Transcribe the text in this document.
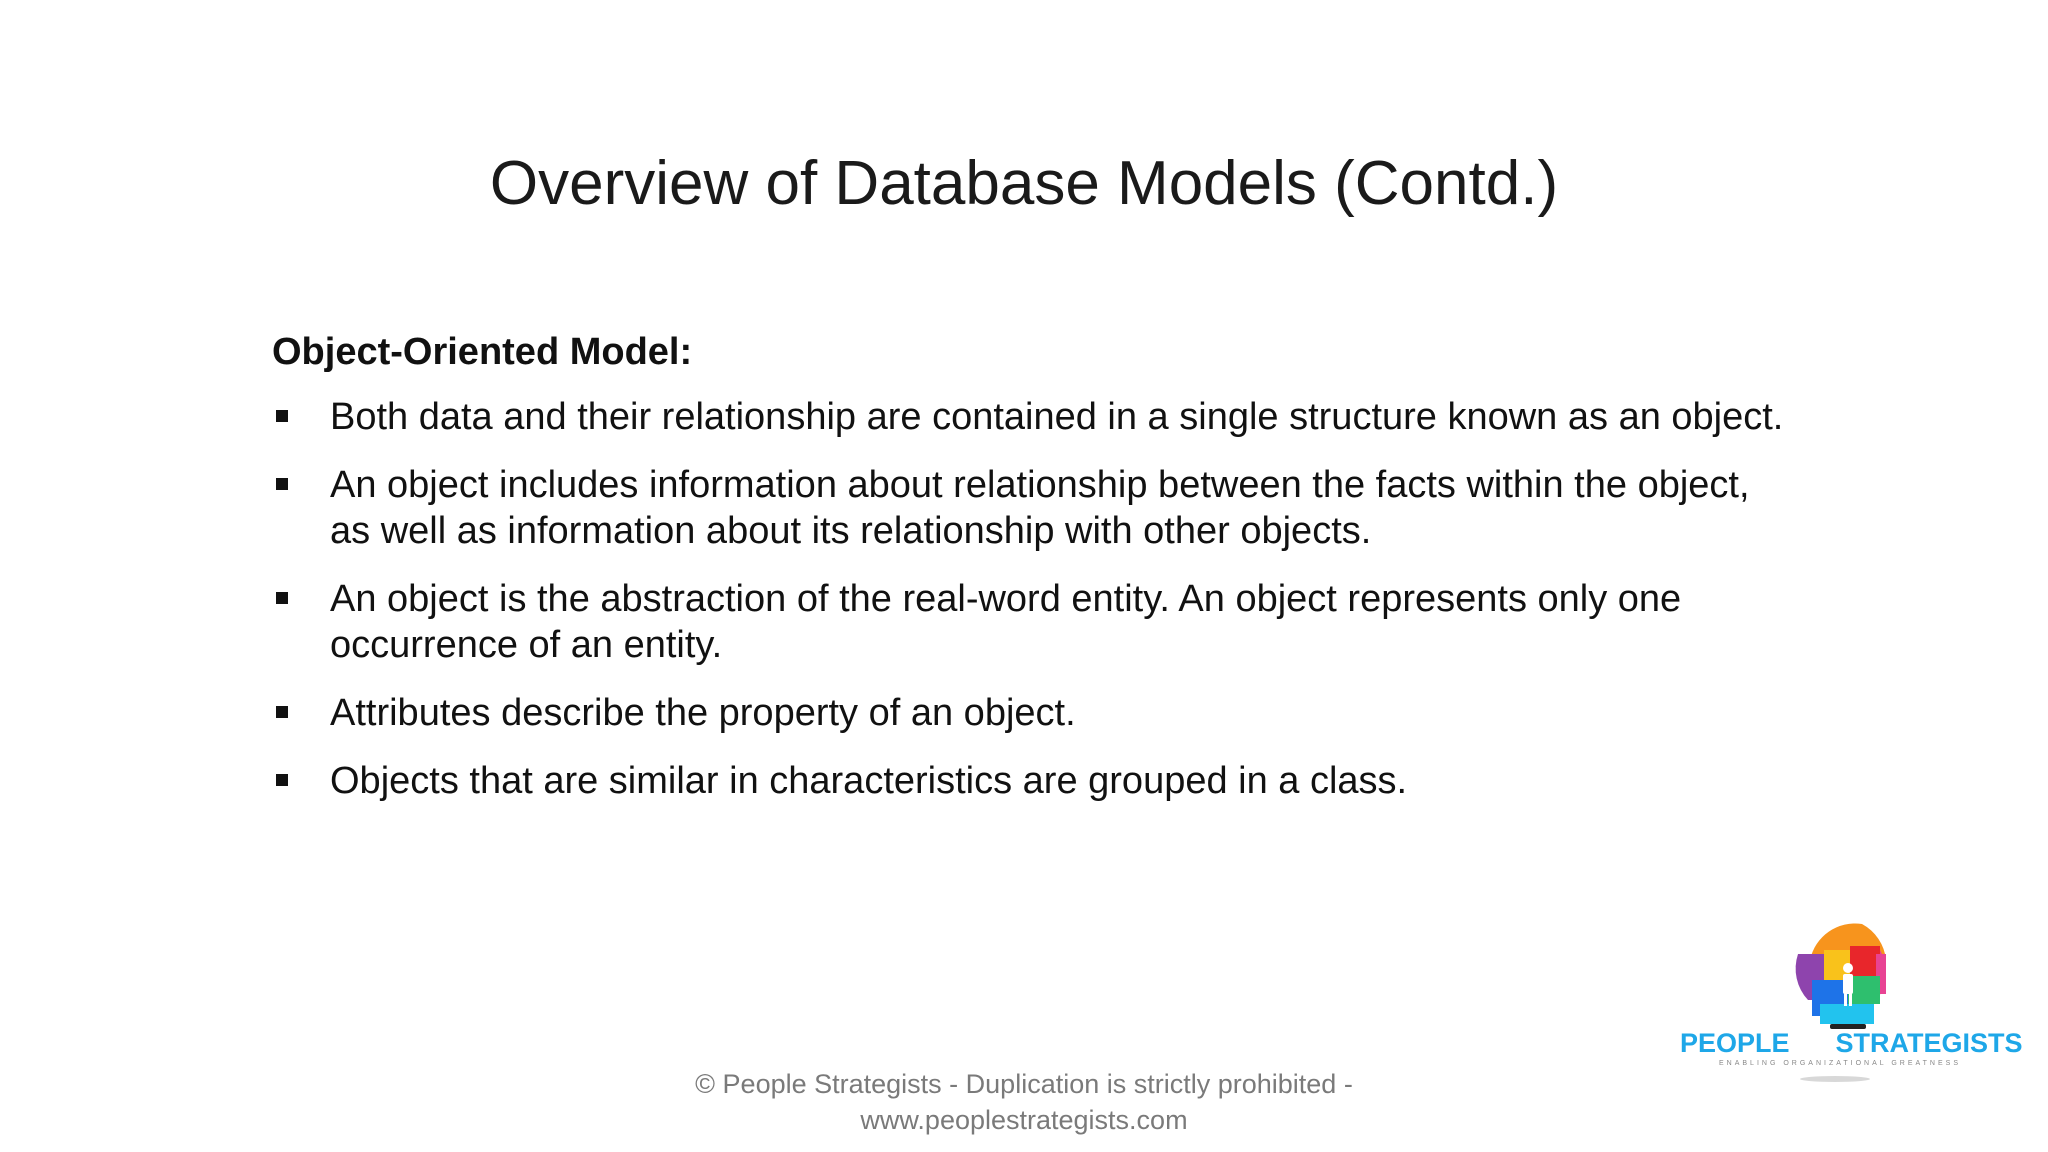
Overview of Database Models (Contd.)
Object-Oriented Model:
Both data and their relationship are contained in a single structure known as an object.
An object includes information about relationship between the facts within the object, as well as information about its relationship with other objects.
An object is the abstraction of the real-word entity. An object represents only one occurrence of an entity.
Attributes describe the property of an object.
Objects that are similar in characteristics are grouped in a class.
PEOPLE STRATEGISTS
ENABLING ORGANIZATIONAL GREATNESS
© People Strategists - Duplication is strictly prohibited -
www.peoplestrategists.com
